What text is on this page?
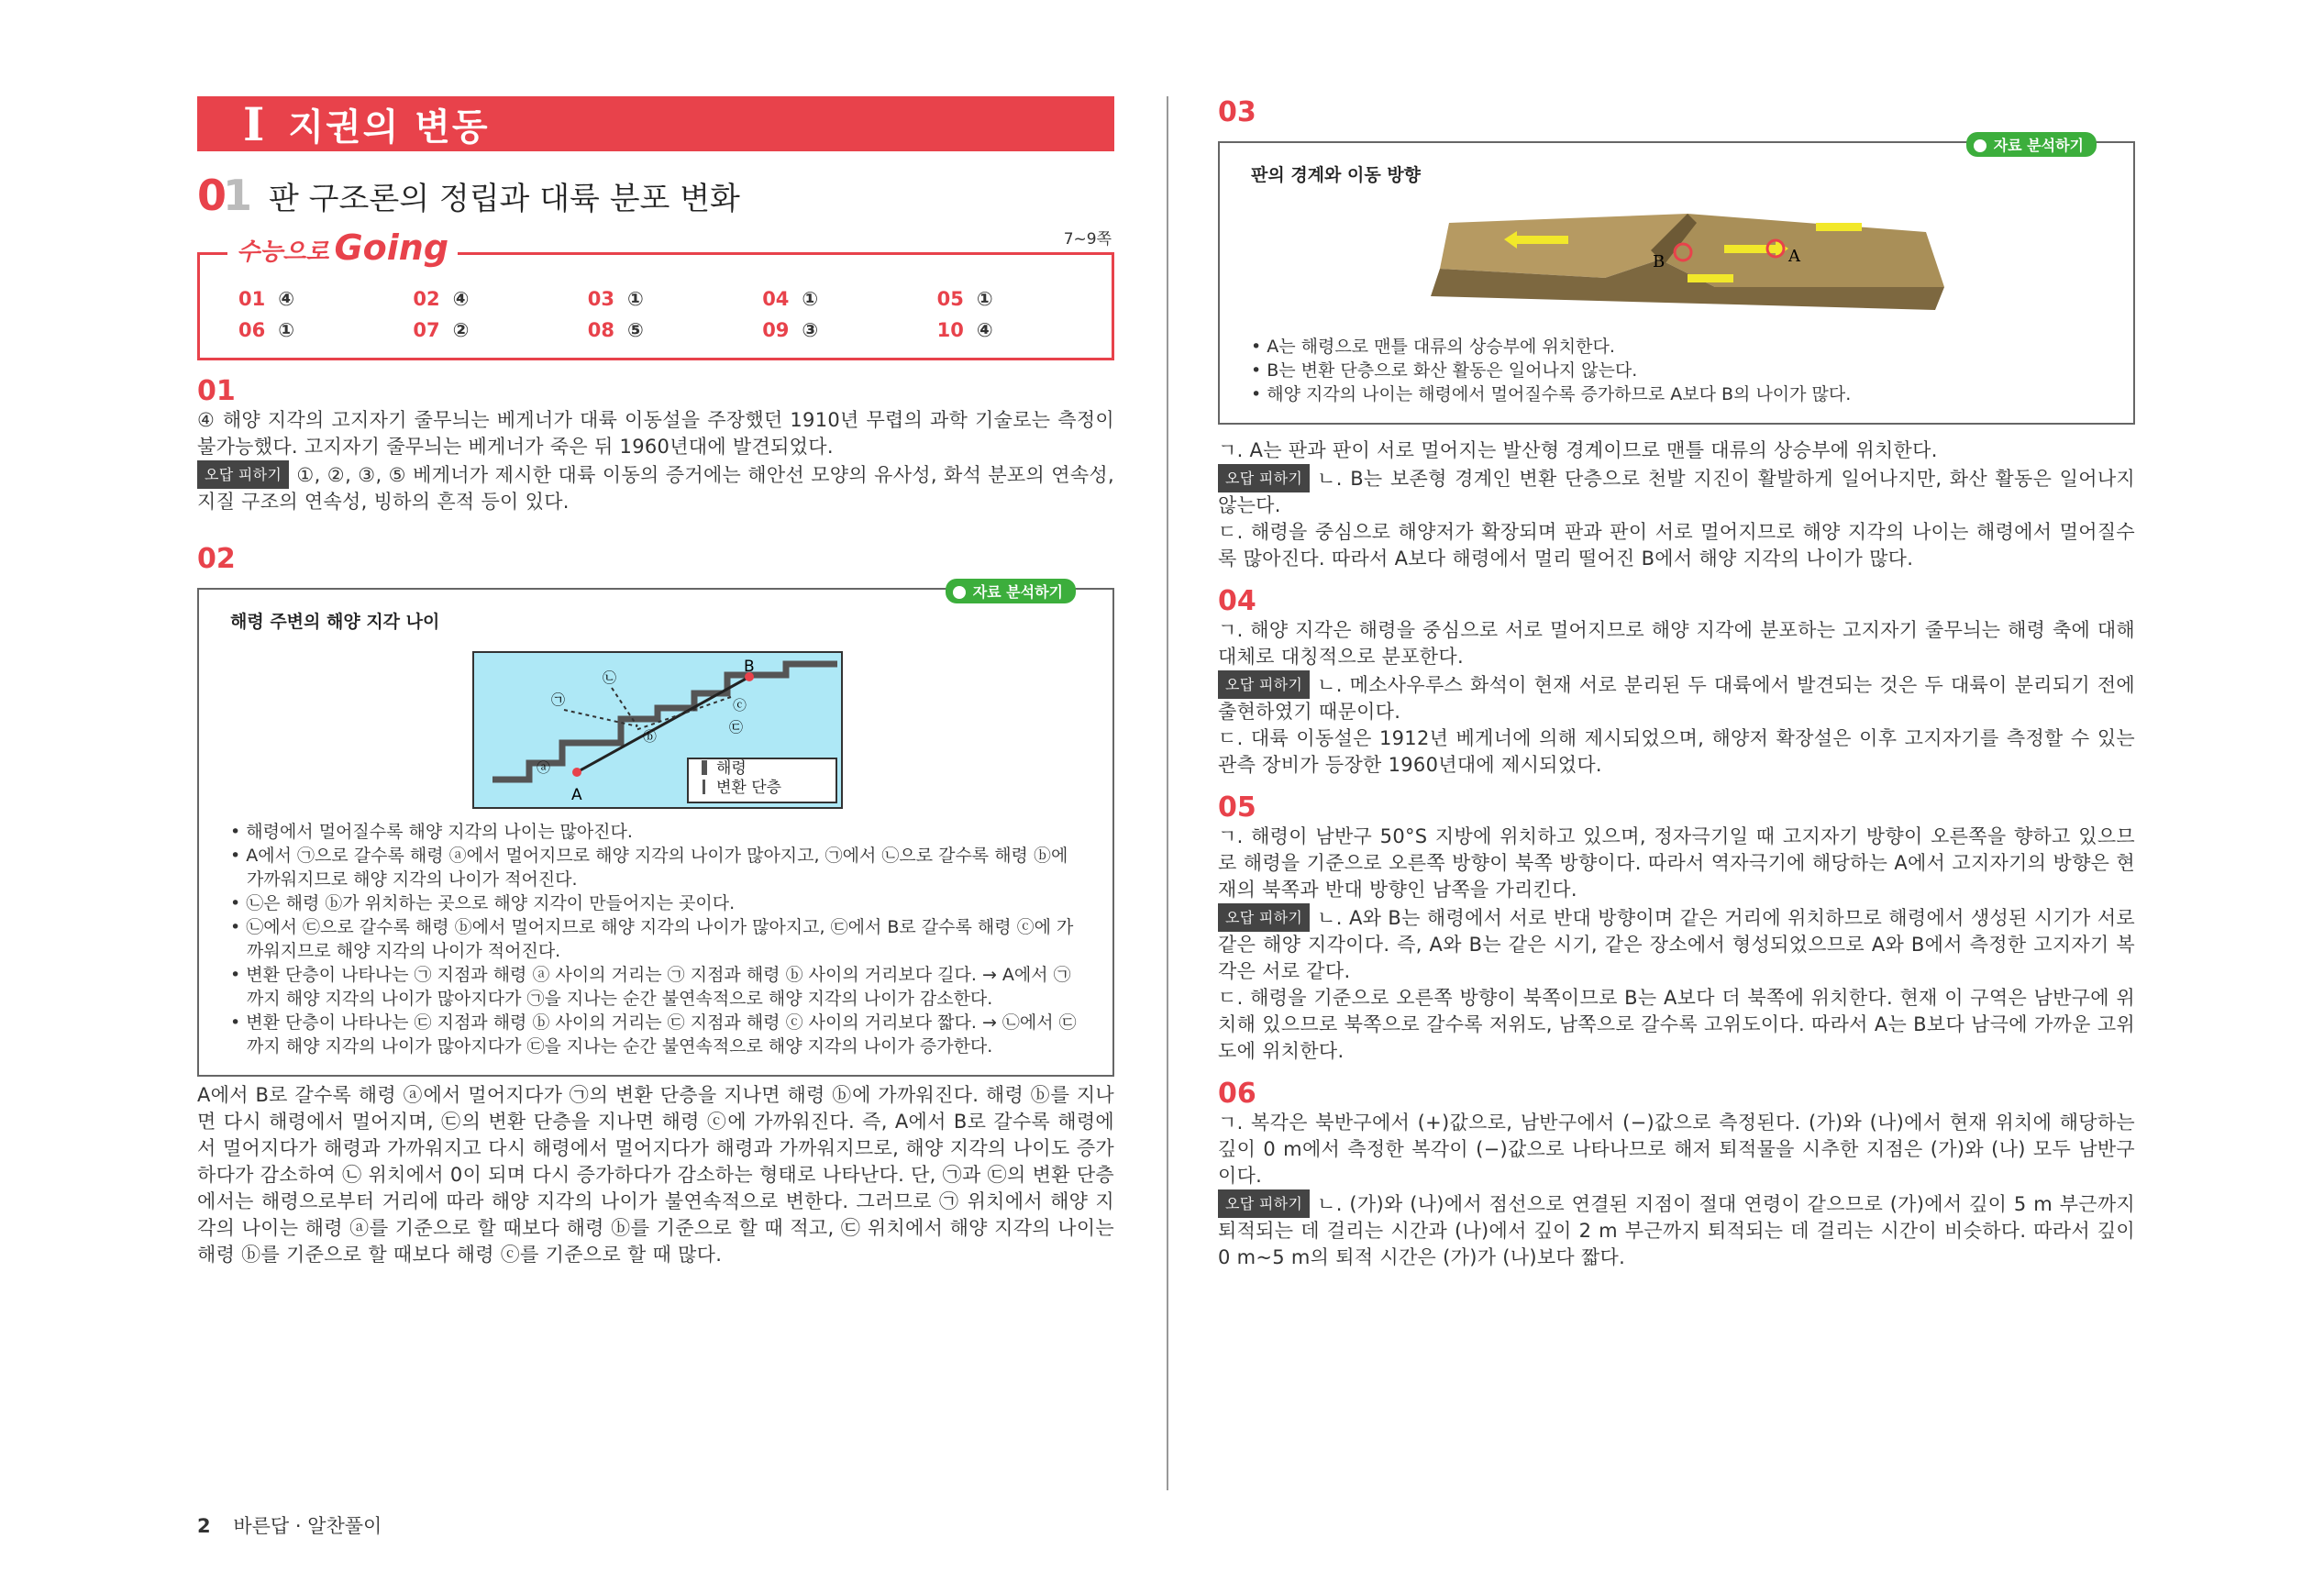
I 지권의 변동
01 판 구조론의 정립과 대륙 분포 변화
수능으로 Going	7~9쪽
01 ④	02 ④	03 ①	04 ①	05 ①
06 ①	07 ②	08 ⑤	09 ③	10 ④
01
④ 해양 지각의 고지자기 줄무늬는 베게너가 대륙 이동설을 주장했던 1910년 무렵의 과학 기술로는 측정이 불가능했다. 고지자기 줄무늬는 베게너가 죽은 뒤 1960년대에 발견되었다.
오답 피하기 ①, ②, ③, ⑤ 베게너가 제시한 대륙 이동의 증거에는 해안선 모양의 유사성, 화석 분포의 연속성, 지질 구조의 연속성, 빙하의 흔적 등이 있다.
02
자료 분석하기
해령 주변의 해양 지각 나이
A
B
ⓐ
ⓑ
ⓒ
㉠
㉡
㉢
해령
변환 단층
• 해령에서 멀어질수록 해양 지각의 나이는 많아진다.
• A에서 ㉠으로 갈수록 해령 ⓐ에서 멀어지므로 해양 지각의 나이가 많아지고, ㉠에서 ㉡으로 갈수록 해령 ⓑ에 가까워지므로 해양 지각의 나이가 적어진다.
• ㉡은 해령 ⓑ가 위치하는 곳으로 해양 지각이 만들어지는 곳이다.
• ㉡에서 ㉢으로 갈수록 해령 ⓑ에서 멀어지므로 해양 지각의 나이가 많아지고, ㉢에서 B로 갈수록 해령 ⓒ에 가까워지므로 해양 지각의 나이가 적어진다.
• 변환 단층이 나타나는 ㉠ 지점과 해령 ⓐ 사이의 거리는 ㉠ 지점과 해령 ⓑ 사이의 거리보다 길다. → A에서 ㉠까지 해양 지각의 나이가 많아지다가 ㉠을 지나는 순간 불연속적으로 해양 지각의 나이가 감소한다.
• 변환 단층이 나타나는 ㉢ 지점과 해령 ⓑ 사이의 거리는 ㉢ 지점과 해령 ⓒ 사이의 거리보다 짧다. → ㉡에서 ㉢까지 해양 지각의 나이가 많아지다가 ㉢을 지나는 순간 불연속적으로 해양 지각의 나이가 증가한다.
A에서 B로 갈수록 해령 ⓐ에서 멀어지다가 ㉠의 변환 단층을 지나면 해령 ⓑ에 가까워진다. 해령 ⓑ를 지나면 다시 해령에서 멀어지며, ㉢의 변환 단층을 지나면 해령 ⓒ에 가까워진다. 즉, A에서 B로 갈수록 해령에서 멀어지다가 해령과 가까워지고 다시 해령에서 멀어지다가 해령과 가까워지므로, 해양 지각의 나이도 증가하다가 감소하여 ㉡ 위치에서 0이 되며 다시 증가하다가 감소하는 형태로 나타난다. 단, ㉠과 ㉢의 변환 단층에서는 해령으로부터 거리에 따라 해양 지각의 나이가 불연속적으로 변한다. 그러므로 ㉠ 위치에서 해양 지각의 나이는 해령 ⓐ를 기준으로 할 때보다 해령 ⓑ를 기준으로 할 때 적고, ㉢ 위치에서 해양 지각의 나이는 해령 ⓑ를 기준으로 할 때보다 해령 ⓒ를 기준으로 할 때 많다.
03
자료 분석하기
판의 경계와 이동 방향
B	A
• A는 해령으로 맨틀 대류의 상승부에 위치한다.
• B는 변환 단층으로 화산 활동은 일어나지 않는다.
• 해양 지각의 나이는 해령에서 멀어질수록 증가하므로 A보다 B의 나이가 많다.
ㄱ. A는 판과 판이 서로 멀어지는 발산형 경계이므로 맨틀 대류의 상승부에 위치한다.
오답 피하기 ㄴ. B는 보존형 경계인 변환 단층으로 천발 지진이 활발하게 일어나지만, 화산 활동은 일어나지 않는다.
ㄷ. 해령을 중심으로 해양저가 확장되며 판과 판이 서로 멀어지므로 해양 지각의 나이는 해령에서 멀어질수록 많아진다. 따라서 A보다 해령에서 멀리 떨어진 B에서 해양 지각의 나이가 많다.
04
ㄱ. 해양 지각은 해령을 중심으로 서로 멀어지므로 해양 지각에 분포하는 고지자기 줄무늬는 해령 축에 대해 대체로 대칭적으로 분포한다.
오답 피하기 ㄴ. 메소사우루스 화석이 현재 서로 분리된 두 대륙에서 발견되는 것은 두 대륙이 분리되기 전에 출현하였기 때문이다.
ㄷ. 대륙 이동설은 1912년 베게너에 의해 제시되었으며, 해양저 확장설은 이후 고지자기를 측정할 수 있는 관측 장비가 등장한 1960년대에 제시되었다.
05
ㄱ. 해령이 남반구 50°S 지방에 위치하고 있으며, 정자극기일 때 고지자기 방향이 오른쪽을 향하고 있으므로 해령을 기준으로 오른쪽 방향이 북쪽 방향이다. 따라서 역자극기에 해당하는 A에서 고지자기의 방향은 현재의 북쪽과 반대 방향인 남쪽을 가리킨다.
오답 피하기 ㄴ. A와 B는 해령에서 서로 반대 방향이며 같은 거리에 위치하므로 해령에서 생성된 시기가 서로 같은 해양 지각이다. 즉, A와 B는 같은 시기, 같은 장소에서 형성되었으므로 A와 B에서 측정한 고지자기 복각은 서로 같다.
ㄷ. 해령을 기준으로 오른쪽 방향이 북쪽이므로 B는 A보다 더 북쪽에 위치한다. 현재 이 구역은 남반구에 위치해 있으므로 북쪽으로 갈수록 저위도, 남쪽으로 갈수록 고위도이다. 따라서 A는 B보다 남극에 가까운 고위도에 위치한다.
06
ㄱ. 복각은 북반구에서 (+)값으로, 남반구에서 (−)값으로 측정된다. (가)와 (나)에서 현재 위치에 해당하는 깊이 0 m에서 측정한 복각이 (−)값으로 나타나므로 해저 퇴적물을 시추한 지점은 (가)와 (나) 모두 남반구이다.
오답 피하기 ㄴ. (가)와 (나)에서 점선으로 연결된 지점이 절대 연령이 같으므로 (가)에서 깊이 5 m 부근까지 퇴적되는 데 걸리는 시간과 (나)에서 깊이 2 m 부근까지 퇴적되는 데 걸리는 시간이 비슷하다. 따라서 깊이 0 m~5 m의 퇴적 시간은 (가)가 (나)보다 짧다.
2 바른답 · 알찬풀이
